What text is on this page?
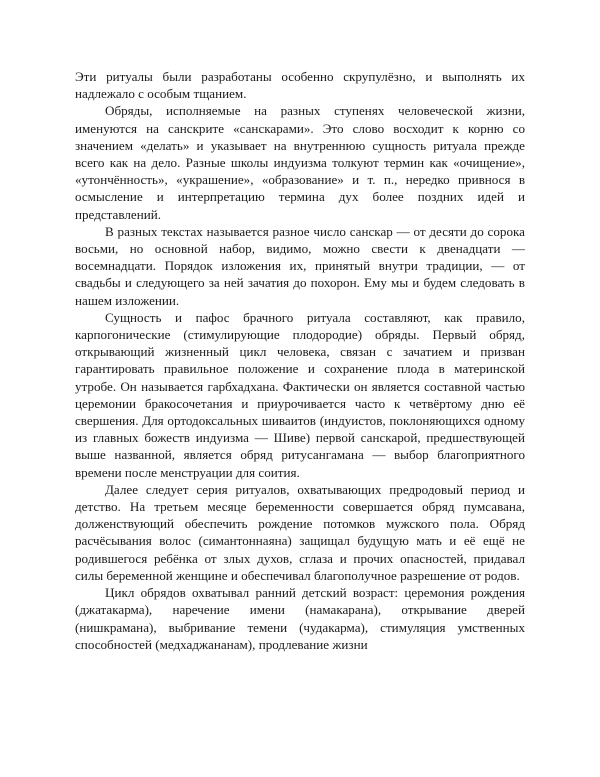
Эти ритуалы были разработаны особенно скрупулёзно, и выполнять их надлежало с особым тщанием.

Обряды, исполняемые на разных ступенях человеческой жизни, именуются на санскрите «санскарами». Это слово восходит к корню со значением «делать» и указывает на внутреннюю сущность ритуала прежде всего как на дело. Разные школы индуизма толкуют термин как «очищение», «утончённость», «украшение», «образование» и т. п., нередко привнося в осмысление и интерпретацию термина дух более поздних идей и представлений.

В разных текстах называется разное число санскар — от десяти до сорока восьми, но основной набор, видимо, можно свести к двенадцати — восемнадцати. Порядок изложения их, принятый внутри традиции, — от свадьбы и следующего за ней зачатия до похорон. Ему мы и будем следовать в нашем изложении.

Сущность и пафос брачного ритуала составляют, как правило, карпогонические (стимулирующие плодородие) обряды. Первый обряд, открывающий жизненный цикл человека, связан с зачатием и призван гарантировать правильное положение и сохранение плода в материнской утробе. Он называется гарбхадхана. Фактически он является составной частью церемонии бракосочетания и приурочивается часто к четвёртому дню её свершения. Для ортодоксальных шиваитов (индуистов, поклоняющихся одному из главных божеств индуизма — Шиве) первой санскарой, предшествующей выше названной, является обряд ритусангамана — выбор благоприятного времени после менструации для соития.

Далее следует серия ритуалов, охватывающих предродовый период и детство. На третьем месяце беременности совершается обряд пумсавана, долженствующий обеспечить рождение потомков мужского пола. Обряд расчёсывания волос (симантоннаяна) защищал будущую мать и её ещё не родившегося ребёнка от злых духов, сглаза и прочих опасностей, придавал силы беременной женщине и обеспечивал благополучное разрешение от родов.

Цикл обрядов охватывал ранний детский возраст: церемония рождения (джатакарма), наречение имени (намакарана), открывание дверей (нишкрамана), выбривание темени (чудакарма), стимуляция умственных способностей (медхаджананам), продлевание жизни
